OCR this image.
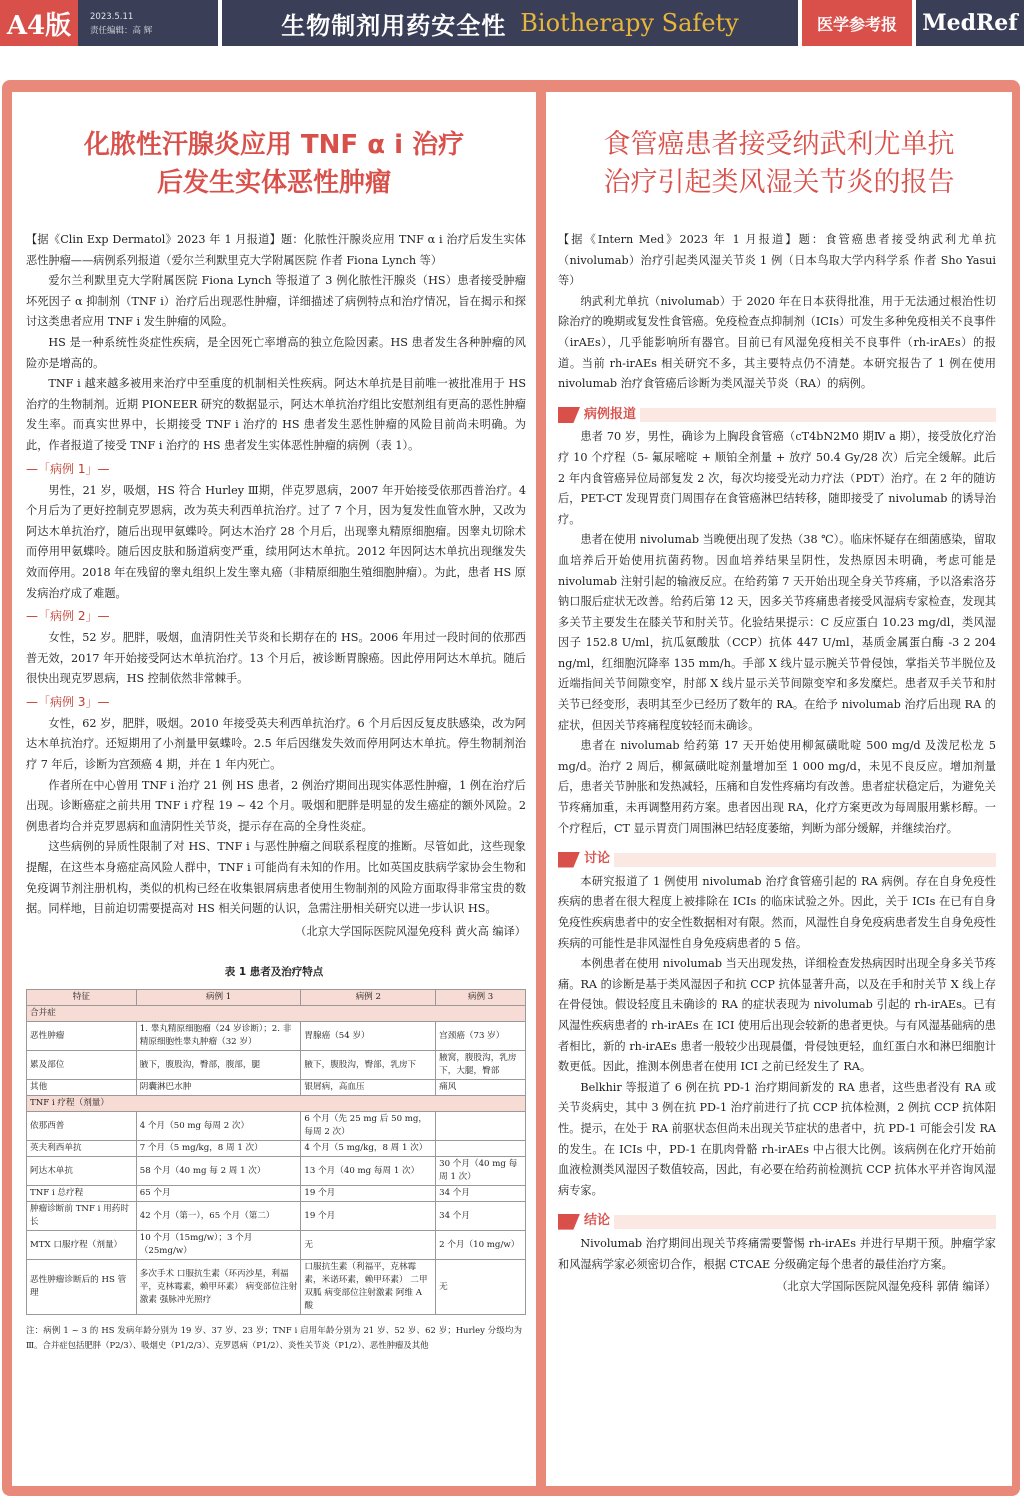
A4版	2023.5.11
责任编辑：高 辉	生物制剂用药安全性 Biotherapy Safety	医学参考报	MedRef
化脓性汗腺炎应用 TNF α i 治疗
后发生实体恶性肿瘤

【据《Clin Exp Dermatol》2023 年 1 月报道】题：化脓性汗腺炎应用 TNF α i 治疗后发生实体恶性肿瘤——病例系列报道（爱尔兰利默里克大学附属医院 作者 Fiona Lynch 等）

爱尔兰利默里克大学附属医院 Fiona Lynch 等报道了 3 例化脓性汗腺炎（HS）患者接受肿瘤坏死因子 α 抑制剂（TNF i）治疗后出现恶性肿瘤，详细描述了病例特点和治疗情况，旨在揭示和探讨这类患者应用 TNF i 发生肿瘤的风险。

HS 是一种系统性炎症性疾病，是全因死亡率增高的独立危险因素。HS 患者发生各种肿瘤的风险亦是增高的。

TNF i 越来越多被用来治疗中至重度的机制相关性疾病。阿达木单抗是目前唯一被批准用于 HS 治疗的生物制剂。近期 PIONEER 研究的数据显示，阿达木单抗治疗组比安慰剂组有更高的恶性肿瘤发生率。而真实世界中，长期接受 TNF i 治疗的 HS 患者发生恶性肿瘤的风险目前尚未明确。为此，作者报道了接受 TNF i 治疗的 HS 患者发生实体恶性肿瘤的病例（表 1）。

—「病例 1」—

男性，21 岁，吸烟，HS 符合 Hurley Ⅲ期，伴克罗恩病，2007 年开始接受依那西普治疗。4 个月后为了更好控制克罗恩病，改为英夫利西单抗治疗。过了 7 个月，因为复发性血管水肿，又改为阿达木单抗治疗，随后出现甲氨蝶呤。阿达木治疗 28 个月后，出现睾丸精原细胞瘤。因睾丸切除术而停用甲氨蝶呤。随后因皮肤和肠道病变严重，续用阿达木单抗。2012 年因阿达木单抗出现继发失效而停用。2018 年在残留的睾丸组织上发生睾丸癌（非精原细胞生殖细胞肿瘤）。为此，患者 HS 原发病治疗成了难题。

—「病例 2」—

女性，52 岁。肥胖，吸烟，血清阴性关节炎和长期存在的 HS。2006 年用过一段时间的依那西普无效，2017 年开始接受阿达木单抗治疗。13 个月后，被诊断胃腺癌。因此停用阿达木单抗。随后很快出现克罗恩病，HS 控制依然非常棘手。

—「病例 3」—

女性，62 岁，肥胖，吸烟。2010 年接受英夫利西单抗治疗。6 个月后因反复皮肤感染，改为阿达木单抗治疗。还短期用了小剂量甲氨蝶呤。2.5 年后因继发失效而停用阿达木单抗。停生物制剂治疗 7 年后，诊断为宫颈癌 4 期，并在 1 年内死亡。

作者所在中心曾用 TNF i 治疗 21 例 HS 患者，2 例治疗期间出现实体恶性肿瘤，1 例在治疗后出现。诊断癌症之前共用 TNF i 疗程 19 ~ 42 个月。吸烟和肥胖是明显的发生癌症的额外风险。2 例患者均合并克罗恩病和血清阴性关节炎，提示存在高的全身性炎症。

这些病例的异质性限制了对 HS、TNF i 与恶性肿瘤之间联系程度的推断。尽管如此，这些现象提醒，在这些本身癌症高风险人群中，TNF i 可能尚有未知的作用。比如英国皮肤病学家协会生物和免疫调节剂注册机构，类似的机构已经在收集银屑病患者使用生物制剂的风险方面取得非常宝贵的数据。同样地，目前迫切需要提高对 HS 相关问题的认识，急需注册相关研究以进一步认识 HS。

（北京大学国际医院风湿免疫科 黄火高 编译）
表 1 患者及治疗特点
特征	病例 1	病例 2	病例 3
合并症			
恶性肿瘤	1. 睾丸精原细胞瘤（24 岁诊断）；2. 非精原细胞性睾丸肿瘤（32 岁）	胃腺癌（54 岁）	宫颈癌（73 岁）
累及部位	腋下，腹股沟，臀部，腹部，腿	腋下，腹股沟，臀部，乳房下	腋窝，腹股沟，乳房下，大腿，臀部
其他	阴囊淋巴水肿	银屑病，高血压	痛风
TNF i 疗程（剂量）			
依那西普	4 个月（50 mg 每周 2 次）	6 个月（先 25 mg 后 50 mg，每周 2 次）	
英夫利西单抗	7 个月（5 mg/kg，8 周 1 次）	4 个月（5 mg/kg，8 周 1 次）	
阿达木单抗	58 个月（40 mg 每 2 周 1 次）	13 个月（40 mg 每周 1 次）	30 个月（40 mg 每周 1 次）
TNF i 总疗程	65 个月	19 个月	34 个月
肿瘤诊断前 TNF i 用药时长	42 个月（第一），65 个月（第二）	19 个月	34 个月
MTX 口服疗程（剂量）	10 个月（15mg/w）；3 个月（25mg/w）	无	2 个月（10 mg/w）
恶性肿瘤诊断后的 HS 管理	多次手术 口服抗生素（环丙沙星，利福平，克林霉素，赖甲环素） 病变部位注射激素 强脉冲光照疗	口服抗生素（利福平，克林霉素，米诺环素，赖甲环素） 二甲双胍 病变部位注射激素 阿维 A 酸	无
注：病例 1 ~ 3 的 HS 发病年龄分别为 19 岁、37 岁、23 岁；TNF i 启用年龄分别为 21 岁、52 岁、62 岁；Hurley 分级均为Ⅲ。合并症包括肥胖（P2/3）、吸烟史（P1/2/3）、克罗恩病（P1/2）、炎性关节炎（P1/2）、恶性肿瘤及其他
食管癌患者接受纳武利尤单抗
治疗引起类风湿关节炎的报告

【据《Intern Med》2023 年 1 月报道】题：食管癌患者接受纳武利尤单抗（nivolumab）治疗引起类风湿关节炎 1 例（日本鸟取大学内科学系 作者 Sho Yasui 等）

纳武利尤单抗（nivolumab）于 2020 年在日本获得批准，用于无法通过根治性切除治疗的晚期或复发性食管癌。免疫检查点抑制剂（ICIs）可发生多种免疫相关不良事件（irAEs），几乎能影响所有器官。目前已有风湿免疫相关不良事件（rh-irAEs）的报道。当前 rh-irAEs 相关研究不多，其主要特点仍不清楚。本研究报告了 1 例在使用 nivolumab 治疗食管癌后诊断为类风湿关节炎（RA）的病例。

病例报道

患者 70 岁，男性，确诊为上胸段食管癌（cT4bN2M0 期Ⅳ a 期），接受放化疗治疗 10 个疗程（5- 氟尿嘧啶 + 顺铂全剂量 + 放疗 50.4 Gy/28 次）后完全缓解。此后 2 年内食管癌异位局部复发 2 次，每次均接受光动力疗法（PDT）治疗。在 2 年的随访后，PET-CT 发现胃贲门周围存在食管癌淋巴结转移，随即接受了 nivolumab 的诱导治疗。

患者在使用 nivolumab 当晚便出现了发热（38 ℃）。临床怀疑存在细菌感染，留取血培养后开始使用抗菌药物。因血培养结果呈阴性，发热原因未明确，考虑可能是 nivolumab 注射引起的输液反应。在给药第 7 天开始出现全身关节疼痛，予以洛索洛芬钠口服后症状无改善。给药后第 12 天，因多关节疼痛患者接受风湿病专家检查，发现其多关节主要发生在膝关节和肘关节。化验结果提示：C 反应蛋白 10.23 mg/dl，类风湿因子 152.8 U/ml，抗瓜氨酸肽（CCP）抗体 447 U/ml，基质金属蛋白酶 -3 2 204 ng/ml，红细胞沉降率 135 mm/h。手部 X 线片显示腕关节骨侵蚀，掌指关节半脱位及近端指间关节间隙变窄，肘部 X 线片显示关节间隙变窄和多发糜烂。患者双手关节和肘关节已经变形，表明其至少已经历了数年的 RA。在给予 nivolumab 治疗后出现 RA 的症状，但因关节疼痛程度较轻而未确诊。

患者在 nivolumab 给药第 17 天开始使用柳氮磺吡啶 500 mg/d 及泼尼松龙 5 mg/d。治疗 2 周后，柳氮磺吡啶剂量增加至 1 000 mg/d，未见不良反应。增加剂量后，患者关节肿胀和发热减轻，压痛和自发性疼痛均有改善。患者症状稳定后，为避免关节疼痛加重，未再调整用药方案。患者因出现 RA，化疗方案更改为每周服用紫杉醇。一个疗程后，CT 显示胃贲门周围淋巴结轻度萎缩，判断为部分缓解，并继续治疗。

讨论

本研究报道了 1 例使用 nivolumab 治疗食管癌引起的 RA 病例。存在自身免疫性疾病的患者在很大程度上被排除在 ICIs 的临床试验之外。因此，关于 ICIs 在已有自身免疫性疾病患者中的安全性数据相对有限。然而，风湿性自身免疫病患者发生自身免疫性疾病的可能性是非风湿性自身免疫病患者的 5 倍。

本例患者在使用 nivolumab 当天出现发热，详细检查发热病因时出现全身多关节疼痛。RA 的诊断是基于类风湿因子和抗 CCP 抗体显著升高，以及在手和肘关节 X 线上存在骨侵蚀。假设轻度且未确诊的 RA 的症状表现为 nivolumab 引起的 rh-irAEs。已有风湿性疾病患者的 rh-irAEs 在 ICI 使用后出现会较新的患者更快。与有风湿基础病的患者相比，新的 rh-irAEs 患者一般较少出现晨僵，骨侵蚀更轻，血红蛋白水和淋巴细胞计数更低。因此，推测本例患者在使用 ICI 之前已经发生了 RA。

Belkhir 等报道了 6 例在抗 PD-1 治疗期间新发的 RA 患者，这些患者没有 RA 或关节炎病史，其中 3 例在抗 PD-1 治疗前进行了抗 CCP 抗体检测，2 例抗 CCP 抗体阳性。提示，在处于 RA 前驱状态但尚未出现关节症状的患者中，抗 PD-1 可能会引发 RA 的发生。在 ICIs 中，PD-1 在肌肉骨骼 rh-irAEs 中占很大比例。该病例在化疗开始前血液检测类风湿因子数值较高，因此，有必要在给药前检测抗 CCP 抗体水平并咨询风湿病专家。

结论

Nivolumab 治疗期间出现关节疼痛需要警惕 rh-irAEs 并进行早期干预。肿瘤学家和风湿病学家必须密切合作，根据 CTCAE 分级确定每个患者的最佳治疗方案。

（北京大学国际医院风湿免疫科 郭倩 编译）
